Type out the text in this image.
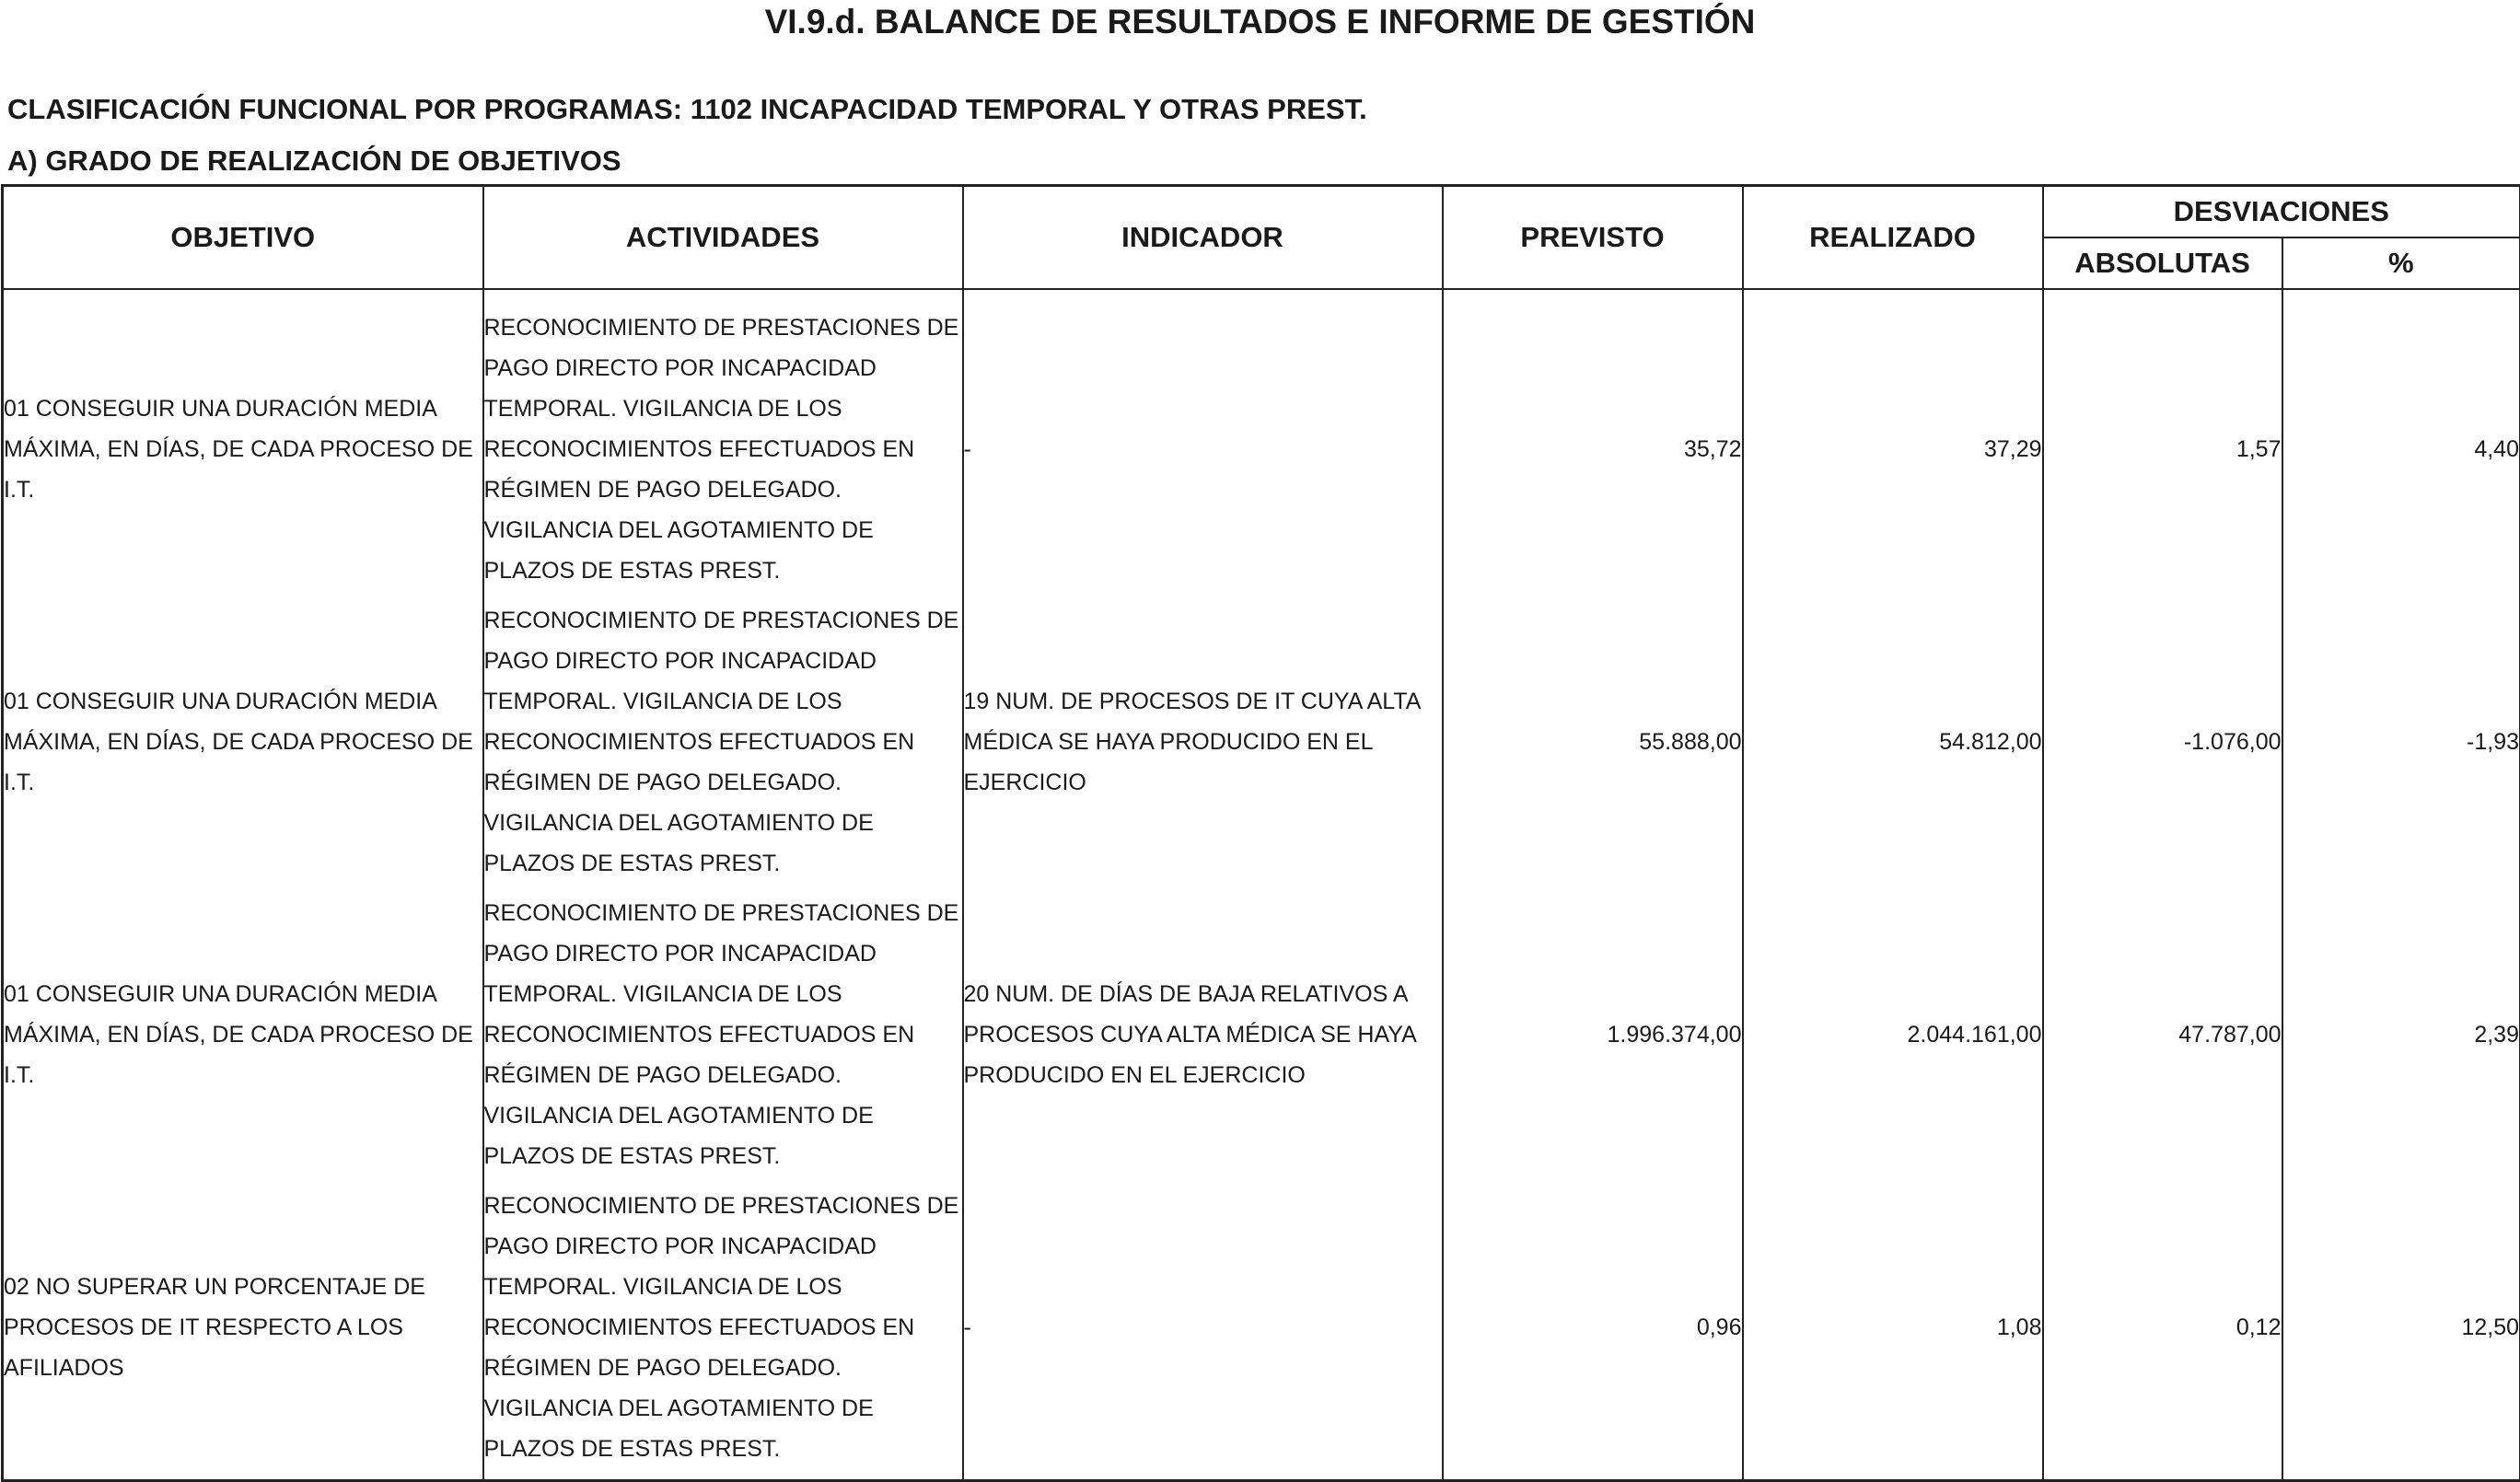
VI.9.d. BALANCE DE RESULTADOS E INFORME DE GESTIÓN
CLASIFICACIÓN FUNCIONAL POR PROGRAMAS: 1102 INCAPACIDAD TEMPORAL Y OTRAS PREST.
A) GRADO DE REALIZACIÓN DE OBJETIVOS
OBJETIVO	ACTIVIDADES	INDICADOR	PREVISTO	REALIZADO	DESVIACIONES	
					ABSOLUTAS	%
01 CONSEGUIR UNA DURACIÓN MEDIA MÁXIMA, EN DÍAS, DE CADA PROCESO DE I.T.	RECONOCIMIENTO DE PRESTACIONES DE PAGO DIRECTO POR INCAPACIDAD TEMPORAL. VIGILANCIA DE LOS RECONOCIMIENTOS EFECTUADOS EN RÉGIMEN DE PAGO DELEGADO. VIGILANCIA DEL AGOTAMIENTO DE PLAZOS DE ESTAS PREST.	-	35,72	37,29	1,57	4,40
01 CONSEGUIR UNA DURACIÓN MEDIA MÁXIMA, EN DÍAS, DE CADA PROCESO DE I.T.	RECONOCIMIENTO DE PRESTACIONES DE PAGO DIRECTO POR INCAPACIDAD TEMPORAL. VIGILANCIA DE LOS RECONOCIMIENTOS EFECTUADOS EN RÉGIMEN DE PAGO DELEGADO. VIGILANCIA DEL AGOTAMIENTO DE PLAZOS DE ESTAS PREST.	19 NUM. DE PROCESOS DE IT CUYA ALTA MÉDICA SE HAYA PRODUCIDO EN EL EJERCICIO	55.888,00	54.812,00	-1.076,00	-1,93
01 CONSEGUIR UNA DURACIÓN MEDIA MÁXIMA, EN DÍAS, DE CADA PROCESO DE I.T.	RECONOCIMIENTO DE PRESTACIONES DE PAGO DIRECTO POR INCAPACIDAD TEMPORAL. VIGILANCIA DE LOS RECONOCIMIENTOS EFECTUADOS EN RÉGIMEN DE PAGO DELEGADO. VIGILANCIA DEL AGOTAMIENTO DE PLAZOS DE ESTAS PREST.	20 NUM. DE DÍAS DE BAJA RELATIVOS A PROCESOS CUYA ALTA MÉDICA SE HAYA PRODUCIDO EN EL EJERCICIO	1.996.374,00	2.044.161,00	47.787,00	2,39
02 NO SUPERAR UN PORCENTAJE DE PROCESOS DE IT RESPECTO A LOS AFILIADOS	RECONOCIMIENTO DE PRESTACIONES DE PAGO DIRECTO POR INCAPACIDAD TEMPORAL. VIGILANCIA DE LOS RECONOCIMIENTOS EFECTUADOS EN RÉGIMEN DE PAGO DELEGADO. VIGILANCIA DEL AGOTAMIENTO DE PLAZOS DE ESTAS PREST.	-	0,96	1,08	0,12	12,50
